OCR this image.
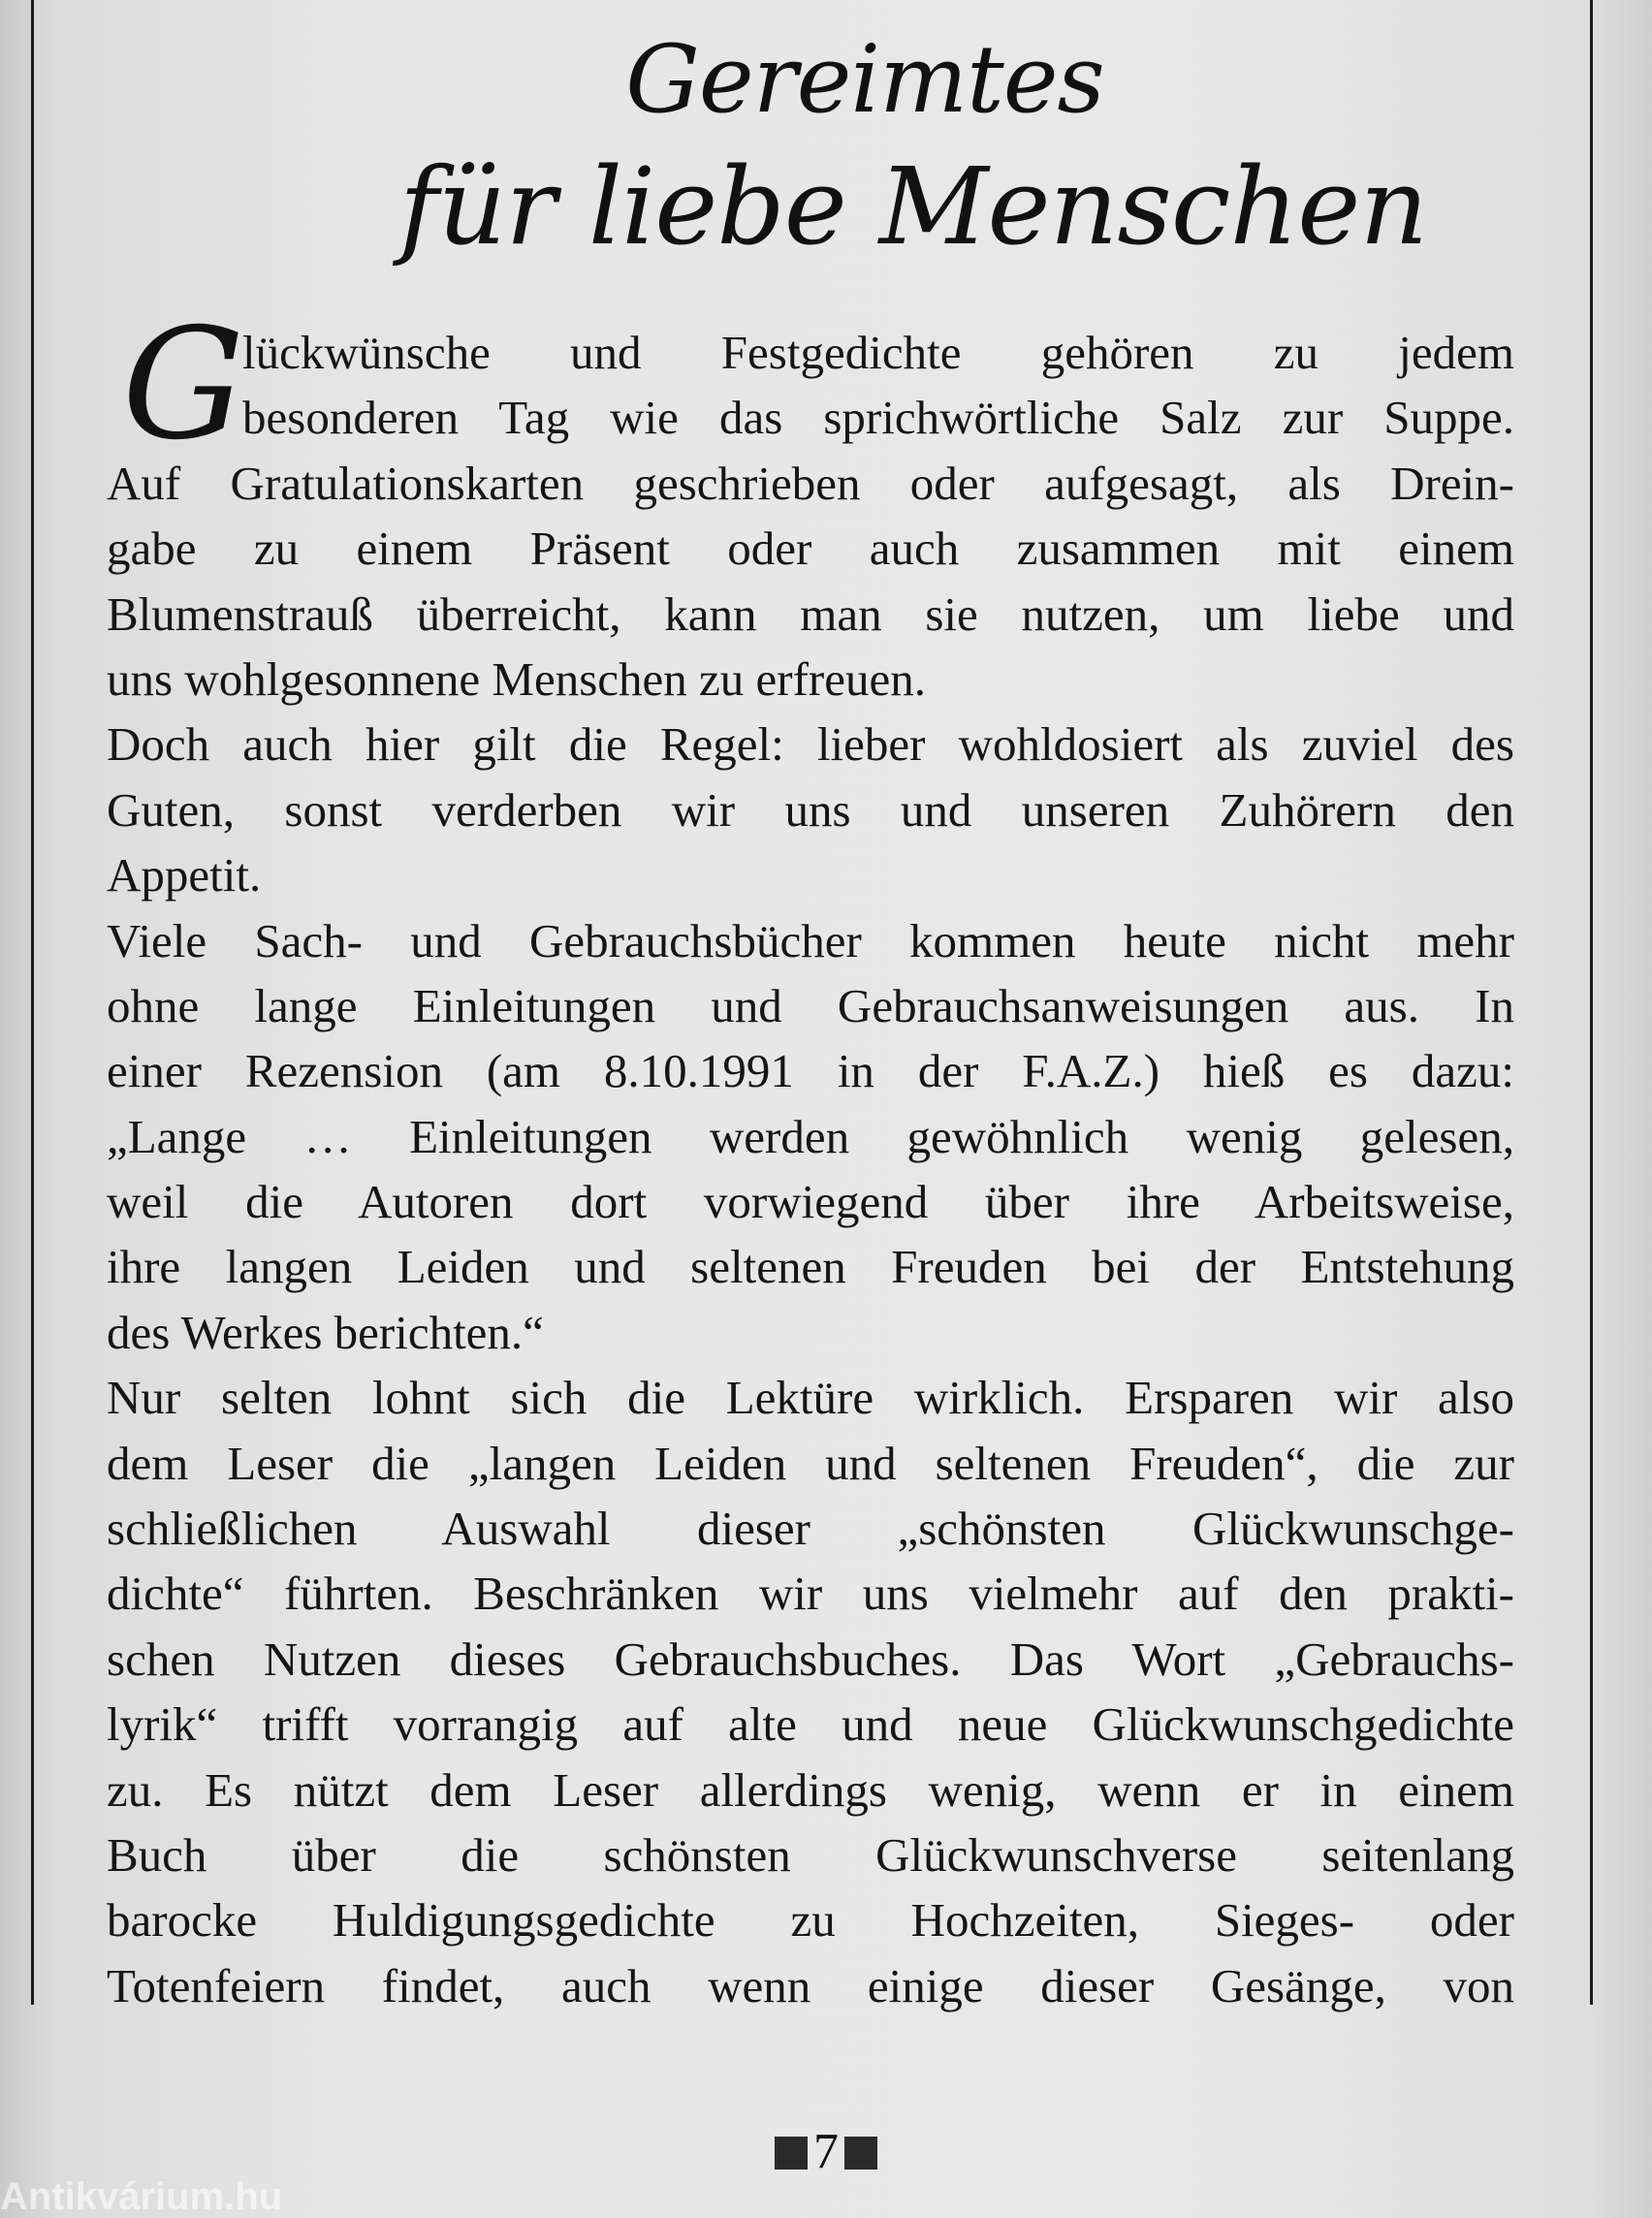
Gereimtes
für liebe Menschen
G
lückwünsche und Festgedichte gehören zu jedem
besonderen Tag wie das sprichwörtliche Salz zur Suppe.
Auf Gratulationskarten geschrieben oder aufgesagt, als Drein-
gabe zu einem Präsent oder auch zusammen mit einem
Blumenstrauß überreicht, kann man sie nutzen, um liebe und
uns wohlgesonnene Menschen zu erfreuen.
Doch auch hier gilt die Regel: lieber wohldosiert als zuviel des
Guten, sonst verderben wir uns und unseren Zuhörern den
Appetit.
Viele Sach- und Gebrauchsbücher kommen heute nicht mehr
ohne lange Einleitungen und Gebrauchsanweisungen aus. In
einer Rezension (am 8.10.1991 in der F.A.Z.) hieß es dazu:
„Lange … Einleitungen werden gewöhnlich wenig gelesen,
weil die Autoren dort vorwiegend über ihre Arbeitsweise,
ihre langen Leiden und seltenen Freuden bei der Entstehung
des Werkes berichten.“
Nur selten lohnt sich die Lektüre wirklich. Ersparen wir also
dem Leser die „langen Leiden und seltenen Freuden“, die zur
schließlichen Auswahl dieser „schönsten Glückwunschge-
dichte“ führten. Beschränken wir uns vielmehr auf den prakti-
schen Nutzen dieses Gebrauchsbuches. Das Wort „Gebrauchs-
lyrik“ trifft vorrangig auf alte und neue Glückwunschgedichte
zu. Es nützt dem Leser allerdings wenig, wenn er in einem
Buch über die schönsten Glückwunschverse seitenlang
barocke Huldigungsgedichte zu Hochzeiten, Sieges- oder
Totenfeiern findet, auch wenn einige dieser Gesänge, von
7
Antikvárium.hu
